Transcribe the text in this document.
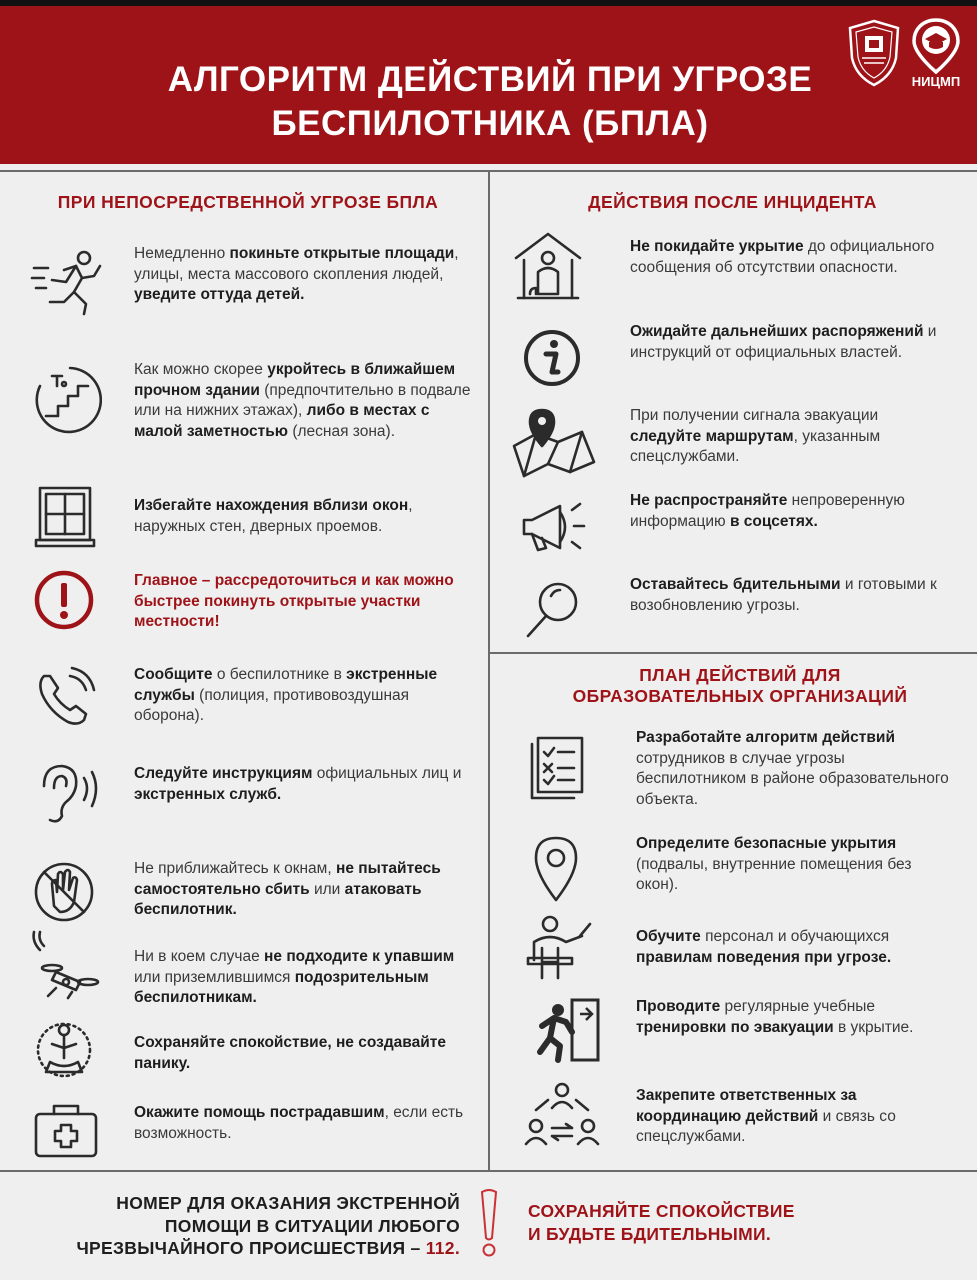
АЛГОРИТМ ДЕЙСТВИЙ ПРИ УГРОЗЕ
БЕСПИЛОТНИКА (БПЛА)
НИЦМП
ПРИ НЕПОСРЕДСТВЕННОЙ УГРОЗЕ БПЛА	ДЕЙСТВИЯ ПОСЛЕ ИНЦИДЕНТА
ПЛАН ДЕЙСТВИЙ ДЛЯ
ОБРАЗОВАТЕЛЬНЫХ ОРГАНИЗАЦИЙ
Немедленно покиньте открытые площади, улицы, места массового скопления людей, уведите оттуда детей.
Как можно скорее укройтесь в ближайшем прочном здании (предпочтительно в подвале или на нижних этажах), либо в местах с малой заметностью (лесная зона).
Избегайте нахождения вблизи окон, наружных стен, дверных проемов.
Главное – рассредоточиться и как можно быстрее покинуть открытые участки местности!
Сообщите о беспилотнике в экстренные службы (полиция, противовоздушная оборона).
Следуйте инструкциям официальных лиц и экстренных служб.
Не приближайтесь к окнам, не пытайтесь самостоятельно сбить или атаковать беспилотник.
Ни в коем случае не подходите к упавшим или приземлившимся подозрительным беспилотникам.
Сохраняйте спокойствие, не создавайте панику.
Окажите помощь пострадавшим, если есть возможность.
Не покидайте укрытие до официального сообщения об отсутствии опасности.
Ожидайте дальнейших распоряжений и инструкций от официальных властей.
При получении сигнала эвакуации следуйте маршрутам, указанным спецслужбами.
Не распространяйте непроверенную информацию в соцсетях.
Оставайтесь бдительными и готовыми к возобновлению угрозы.
Разработайте алгоритм действий сотрудников в случае угрозы беспилотником в районе образовательного объекта.
Определите безопасные укрытия (подвалы, внутренние помещения без окон).
Обучите персонал и обучающихся правилам поведения при угрозе.
Проводите регулярные учебные тренировки по эвакуации в укрытие.
Закрепите ответственных за координацию действий и связь со спецслужбами.
НОМЕР ДЛЯ ОКАЗАНИЯ ЭКСТРЕННОЙ
ПОМОЩИ В СИТУАЦИИ ЛЮБОГО
ЧРЕЗВЫЧАЙНОГО ПРОИСШЕСТВИЯ – 112.
СОХРАНЯЙТЕ СПОКОЙСТВИЕ
И БУДЬТЕ БДИТЕЛЬНЫМИ.
